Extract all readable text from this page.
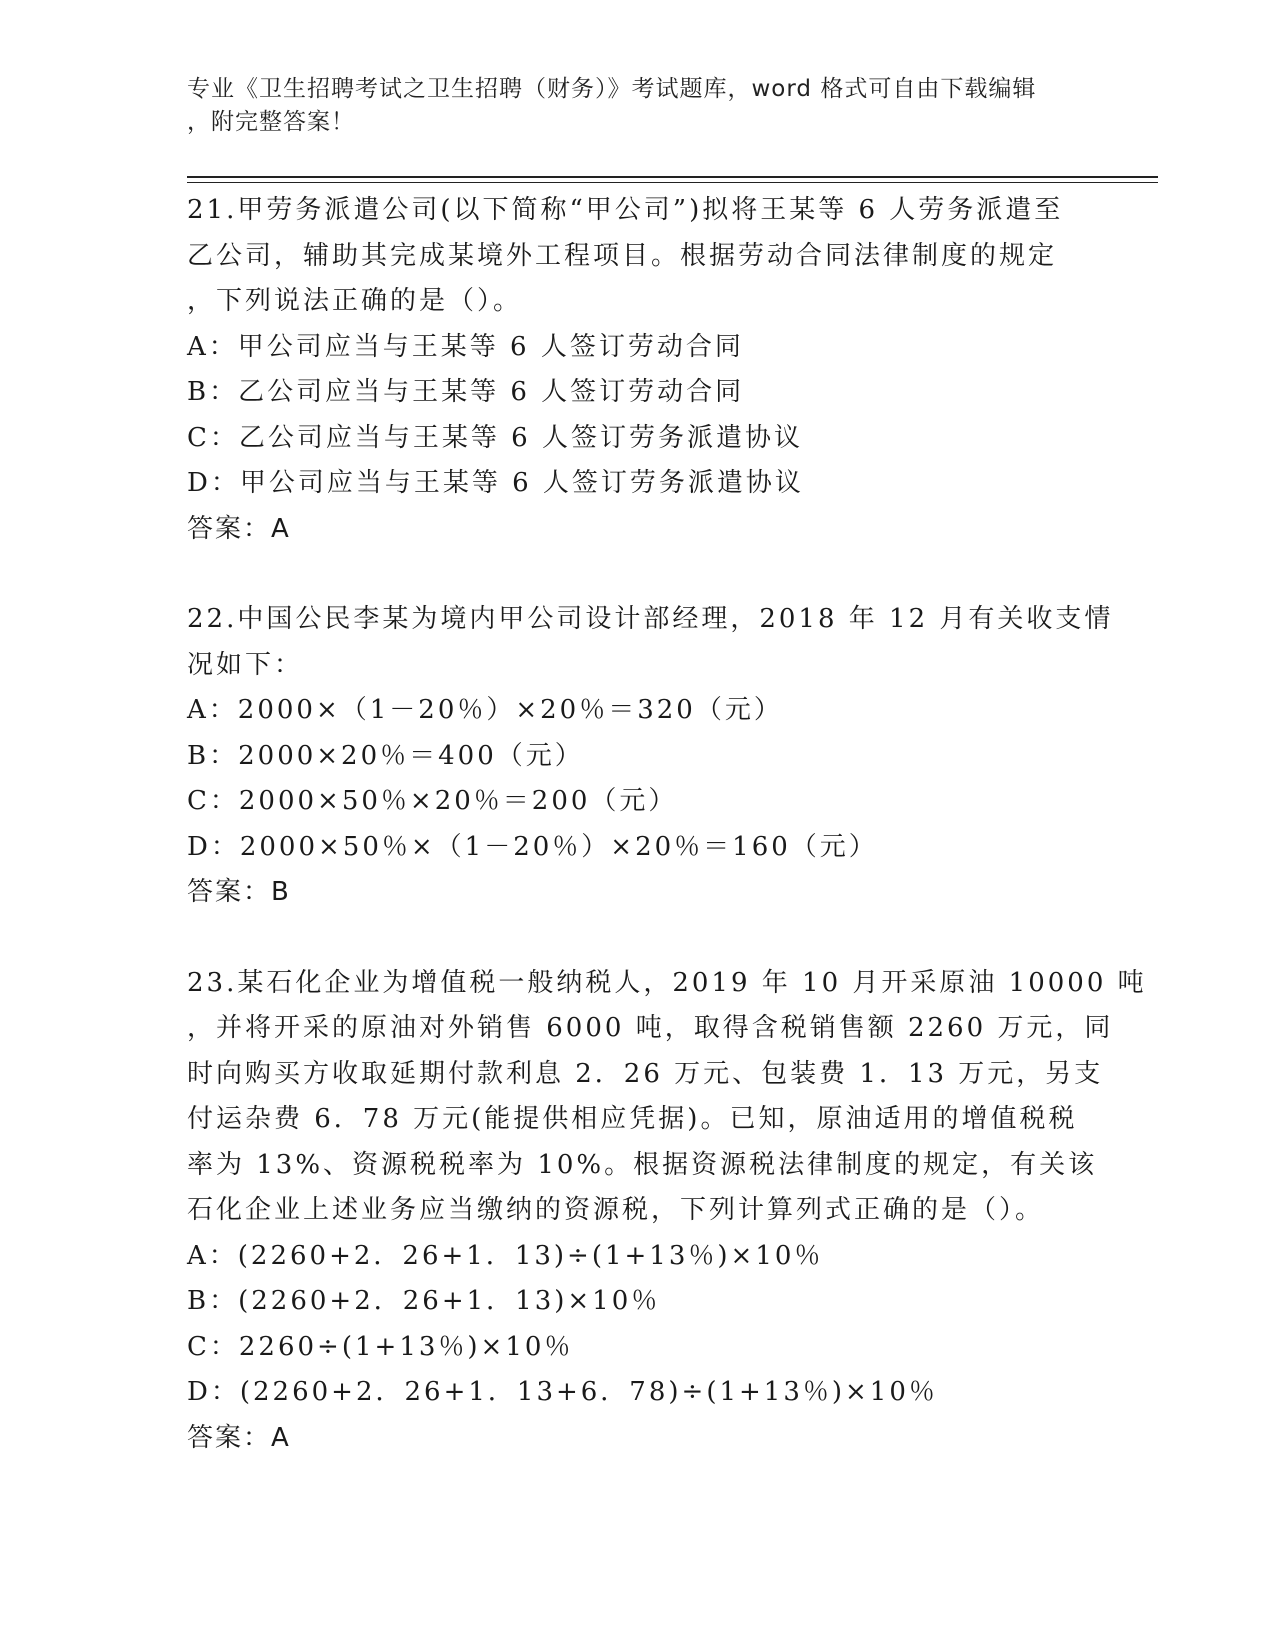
专业《卫生招聘考试之卫生招聘（财务）》考试题库，word 格式可自由下载编辑
，附完整答案！
21.甲劳务派遣公司(以下简称“甲公司”)拟将王某等 6 人劳务派遣至
乙公司，辅助其完成某境外工程项目。根据劳动合同法律制度的规定
，下列说法正确的是（）。
A：甲公司应当与王某等 6 人签订劳动合同
B：乙公司应当与王某等 6 人签订劳动合同
C：乙公司应当与王某等 6 人签订劳务派遣协议
D：甲公司应当与王某等 6 人签订劳务派遣协议
答案：A
22.中国公民李某为境内甲公司设计部经理，2018 年 12 月有关收支情
况如下：
A：2000×（1－20％）×20％＝320（元）
B：2000×20％＝400（元）
C：2000×50％×20％＝200（元）
D：2000×50％×（1－20％）×20％＝160（元）
答案：B
23.某石化企业为增值税一般纳税人，2019 年 10 月开采原油 10000 吨
，并将开采的原油对外销售 6000 吨，取得含税销售额 2260 万元，同
时向购买方收取延期付款利息 2．26 万元、包装费 1．13 万元，另支
付运杂费 6．78 万元(能提供相应凭据)。已知，原油适用的增值税税
率为 13%、资源税税率为 10%。根据资源税法律制度的规定，有关该
石化企业上述业务应当缴纳的资源税，下列计算列式正确的是（）。
A：(2260+2．26+1．13)÷(1+13％)×10％
B：(2260+2．26+1．13)×10％
C：2260÷(1+13％)×10％
D：(2260+2．26+1．13+6．78)÷(1+13％)×10％
答案：A
